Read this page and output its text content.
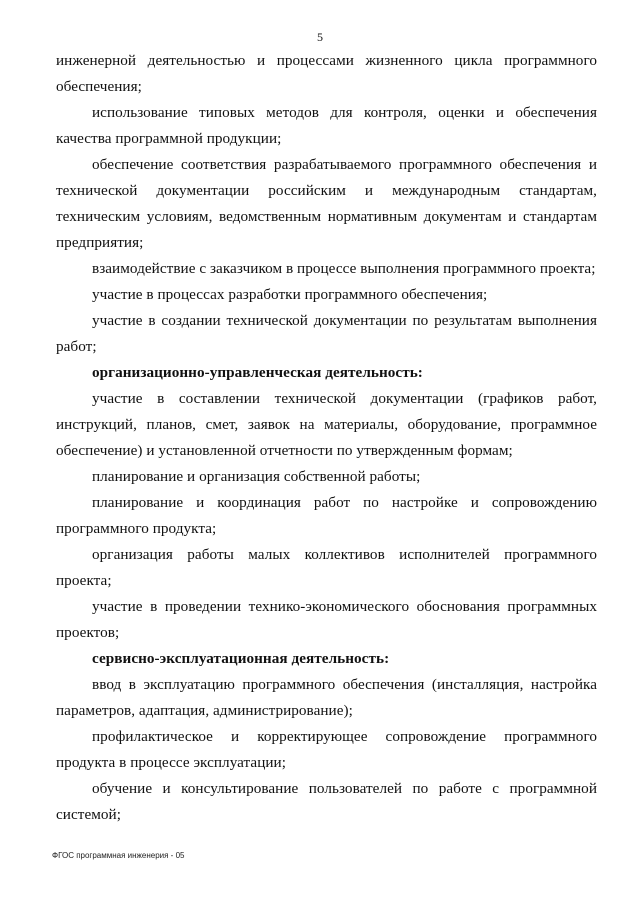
5

инженерной деятельностью и процессами жизненного цикла программного обеспечения;

использование типовых методов для контроля, оценки и обеспечения качества программной продукции;

обеспечение соответствия разрабатываемого программного обеспечения и технической документации российским и международным стандартам, техническим условиям, ведомственным нормативным документам и стандартам предприятия;

взаимодействие с заказчиком в процессе выполнения программного проекта;

участие в процессах разработки программного обеспечения;

участие в создании технической документации по результатам выполнения работ;

организационно-управленческая деятельность:

участие в составлении технической документации (графиков работ, инструкций, планов, смет, заявок на материалы, оборудование, программное обеспечение) и установленной отчетности по утвержденным формам;

планирование и организация собственной работы;

планирование и координация работ по настройке и сопровождению программного продукта;

организация работы малых коллективов исполнителей программного проекта;

участие в проведении технико-экономического обоснования программных проектов;

сервисно-эксплуатационная деятельность:

ввод в эксплуатацию программного обеспечения (инсталляция, настройка параметров, адаптация, администрирование);

профилактическое и корректирующее сопровождение программного продукта в процессе эксплуатации;

обучение и консультирование пользователей по работе с программной системой;

ФГОС программная инженерия - 05
